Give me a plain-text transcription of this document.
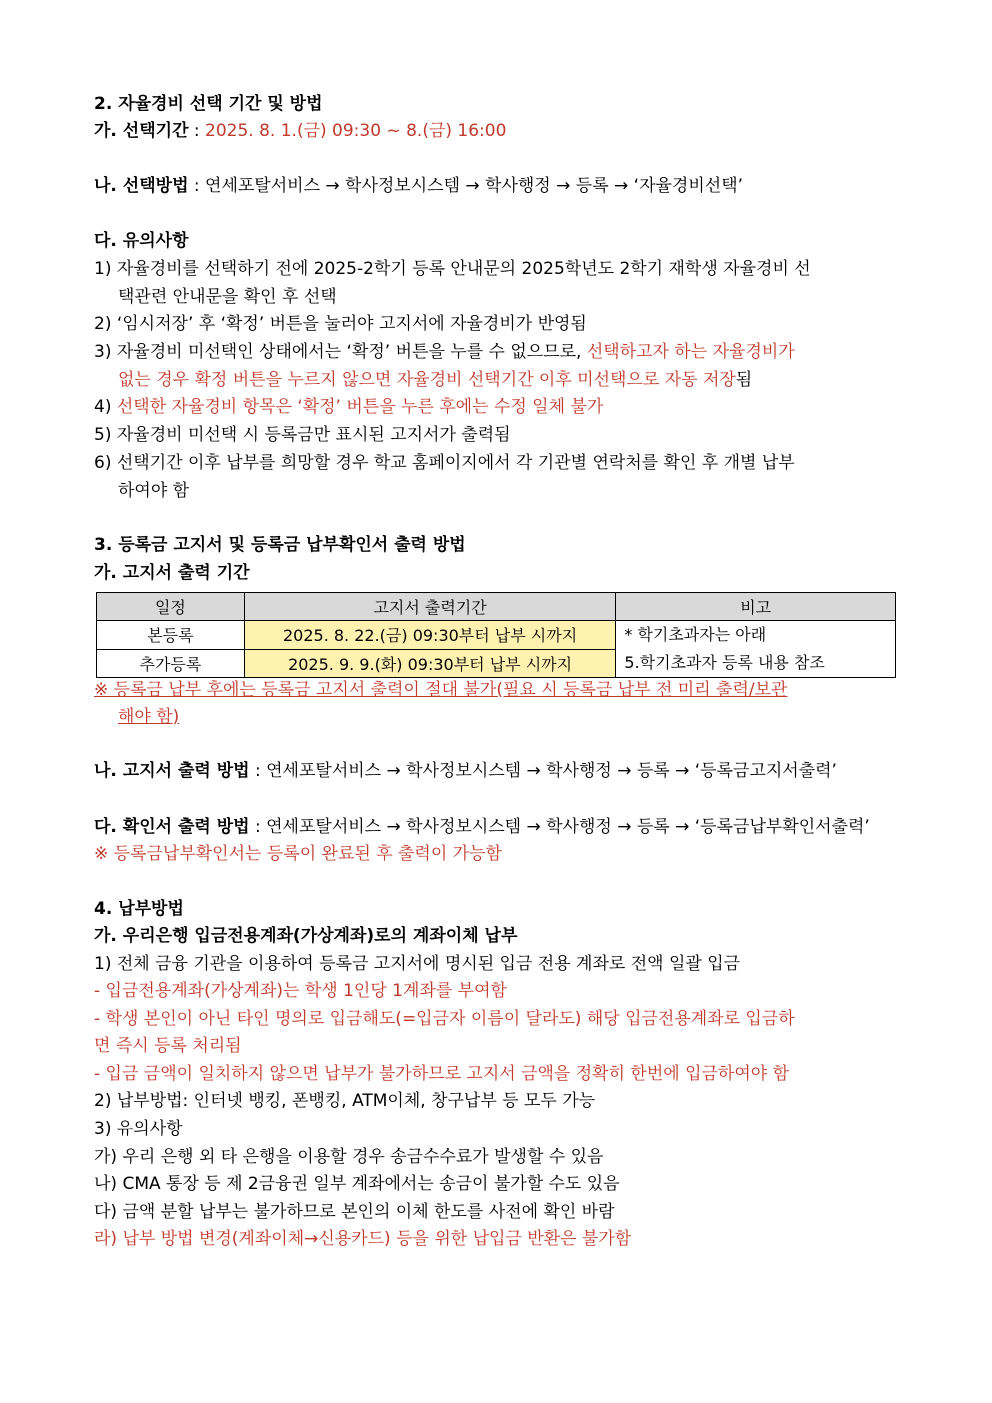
2. 자율경비 선택 기간 및 방법
가. 선택기간 : 2025. 8. 1.(금) 09:30 ~ 8.(금) 16:00
나. 선택방법 : 연세포탈서비스 → 학사정보시스템 → 학사행정 → 등록 → ‘자율경비선택’
다. 유의사항
1) 자율경비를 선택하기 전에 2025-2학기 등록 안내문의 2025학년도 2학기 재학생 자율경비 선
택관련 안내문을 확인 후 선택
2) ‘임시저장’ 후 ‘확정’ 버튼을 눌러야 고지서에 자율경비가 반영됨
3) 자율경비 미선택인 상태에서는 ‘확정’ 버튼을 누를 수 없으므로, 선택하고자 하는 자율경비가
없는 경우 확정 버튼을 누르지 않으면 자율경비 선택기간 이후 미선택으로 자동 저장됨
4) 선택한 자율경비 항목은 ‘확정’ 버튼을 누른 후에는 수정 일체 불가
5) 자율경비 미선택 시 등록금만 표시된 고지서가 출력됨
6) 선택기간 이후 납부를 희망할 경우 학교 홈페이지에서 각 기관별 연락처를 확인 후 개별 납부
하여야 함
3. 등록금 고지서 및 등록금 납부확인서 출력 방법
가. 고지서 출력 기간
일정	고지서 출력기간	비고
본등록	2025. 8. 22.(금) 09:30부터 납부 시까지	* 학기초과자는 아래
5.학기초과자 등록 내용 참조

추가등록	2025. 9. 9.(화) 09:30부터 납부 시까지	
※ 등록금 납부 후에는 등록금 고지서 출력이 절대 불가(필요 시 등록금 납부 전 미리 출력/보관
해야 함)
나. 고지서 출력 방법 : 연세포탈서비스 → 학사정보시스템 → 학사행정 → 등록 → ‘등록금고지서출력’
다. 확인서 출력 방법 : 연세포탈서비스 → 학사정보시스템 → 학사행정 → 등록 → ‘등록금납부확인서출력’
※ 등록금납부확인서는 등록이 완료된 후 출력이 가능함
4. 납부방법
가. 우리은행 입금전용계좌(가상계좌)로의 계좌이체 납부
1) 전체 금융 기관을 이용하여 등록금 고지서에 명시된 입금 전용 계좌로 전액 일괄 입금
- 입금전용계좌(가상계좌)는 학생 1인당 1계좌를 부여함
- 학생 본인이 아닌 타인 명의로 입금해도(=입금자 이름이 달라도) 해당 입금전용계좌로 입금하
면 즉시 등록 처리됨
- 입금 금액이 일치하지 않으면 납부가 불가하므로 고지서 금액을 정확히 한번에 입금하여야 함
2) 납부방법: 인터넷 뱅킹, 폰뱅킹, ATM이체, 창구납부 등 모두 가능
3) 유의사항
가) 우리 은행 외 타 은행을 이용할 경우 송금수수료가 발생할 수 있음
나) CMA 통장 등 제 2금융권 일부 계좌에서는 송금이 불가할 수도 있음
다) 금액 분할 납부는 불가하므로 본인의 이체 한도를 사전에 확인 바람
라) 납부 방법 변경(계좌이체→신용카드) 등을 위한 납입금 반환은 불가함
